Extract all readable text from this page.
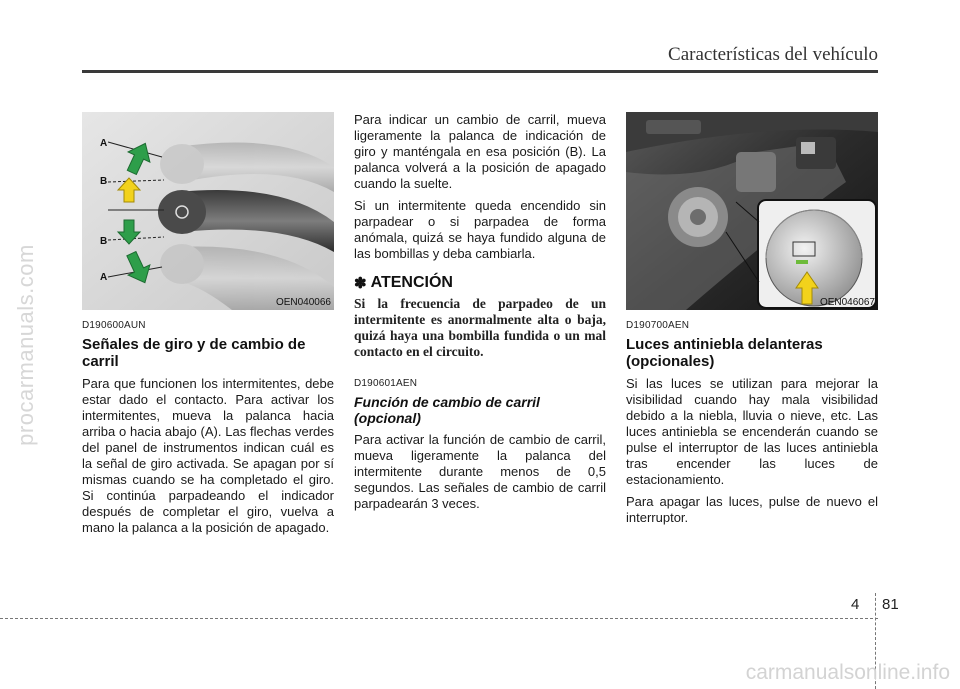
Características del vehículo
procarmanuals.com
A
B
B
A
OEN040066
D190600AUN
Señales de giro y de cambio de carril

Para que funcionen los intermitentes, debe estar dado el contacto. Para activar los intermitentes, mueva la palanca hacia arriba o hacia abajo (A). Las flechas verdes del panel de instrumentos indican cuál es la señal de giro activada. Se apagan por sí mismas cuando se ha completado el giro. Si continúa parpadeando el indicador después de completar el giro, vuelva a mano la palanca a la posición de apagado.

Para indicar un cambio de carril, mueva ligeramente la palanca de indicación de giro y manténgala en esa posición (B). La palanca volverá a la posición de apagado cuando la suelte.

Si un intermitente queda encendido sin parpadear o si parpadea de forma anómala, quizá se haya fundido alguna de las bombillas y deba cambiarla.

✽ ATENCIÓN

Si la frecuencia de parpadeo de un intermitente es anormalmente alta o baja, quizá haya una bombilla fundida o un mal contacto en el circuito.

D190601AEN
Función de cambio de carril (opcional)

Para activar la función de cambio de carril, mueva ligeramente la palanca del intermitente durante menos de 0,5 segundos. Las señales de cambio de carril parpadearán 3 veces.

OEN046067
D190700AEN
Luces antiniebla delanteras (opcionales)

Si las luces se utilizan para mejorar la visibilidad cuando hay mala visibilidad debido a la niebla, lluvia o nieve, etc. Las luces antiniebla se encenderán cuando se pulse el interruptor de las luces antiniebla tras encender las luces de estacionamiento.

Para apagar las luces, pulse de nuevo el interruptor.

4 81
carmanualsonline.info
